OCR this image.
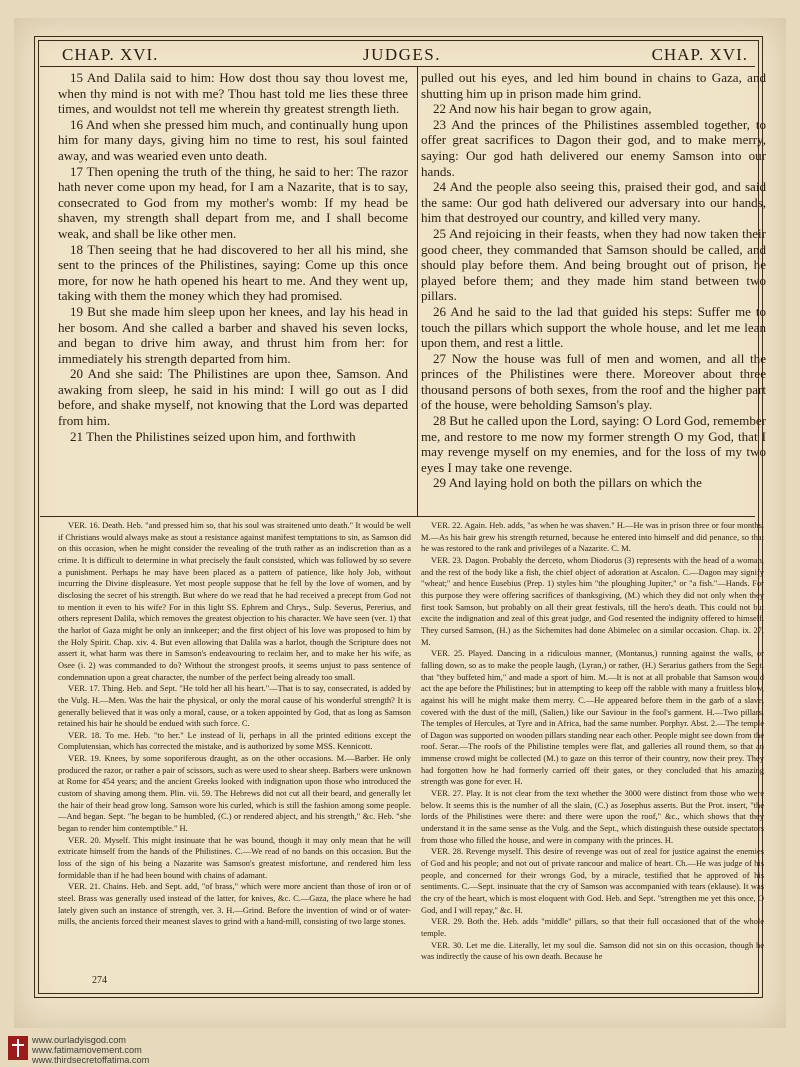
JUDGES.
CHAP. XVI.	CHAP. XVI.

15 And Dalila said to him: How dost thou say thou lovest me, when thy mind is not with me? Thou hast told me lies these three times, and wouldst not tell me wherein thy greatest strength lieth.

16 And when she pressed him much, and continually hung upon him for many days, giving him no time to rest, his soul fainted away, and was wearied even unto death.

17 Then opening the truth of the thing, he said to her: The razor hath never come upon my head, for I am a Nazarite, that is to say, consecrated to God from my mother's womb: If my head be shaven, my strength shall depart from me, and I shall become weak, and shall be like other men.

18 Then seeing that he had discovered to her all his mind, she sent to the princes of the Philistines, saying: Come up this once more, for now he hath opened his heart to me. And they went up, taking with them the money which they had promised.

19 But she made him sleep upon her knees, and lay his head in her bosom. And she called a barber and shaved his seven locks, and began to drive him away, and thrust him from her: for immediately his strength departed from him.

20 And she said: The Philistines are upon thee, Samson. And awaking from sleep, he said in his mind: I will go out as I did before, and shake myself, not knowing that the Lord was departed from him.

21 Then the Philistines seized upon him, and forthwith

pulled out his eyes, and led him bound in chains to Gaza, and shutting him up in prison made him grind.

22 And now his hair began to grow again,

23 And the princes of the Philistines assembled together, to offer great sacrifices to Dagon their god, and to make merry, saying: Our god hath delivered our enemy Samson into our hands.

24 And the people also seeing this, praised their god, and said the same: Our god hath delivered our adversary into our hands, him that destroyed our country, and killed very many.

25 And rejoicing in their feasts, when they had now taken their good cheer, they commanded that Samson should be called, and should play before them. And being brought out of prison, he played before them; and they made him stand between two pillars.

26 And he said to the lad that guided his steps: Suffer me to touch the pillars which support the whole house, and let me lean upon them, and rest a little.

27 Now the house was full of men and women, and all the princes of the Philistines were there. Moreover about three thousand persons of both sexes, from the roof and the higher part of the house, were beholding Samson's play.

28 But he called upon the Lord, saying: O Lord God, remember me, and restore to me now my former strength O my God, that I may revenge myself on my enemies, and for the loss of my two eyes I may take one revenge.

29 And laying hold on both the pillars on which the

VER. 16. Death. Heb. "and pressed him so, that his soul was straitened unto death." It would be well if Christians would always make as stout a resistance against manifest temptations to sin, as Samson did on this occasion, when he might consider the revealing of the truth rather as an indiscretion than as a crime. It is difficult to determine in what precisely the fault consisted, which was followed by so severe a punishment. Perhaps he may have been placed as a pattern of patience, like holy Job, without incurring the Divine displeasure. Yet most people suppose that he fell by the love of women, and by disclosing the secret of his strength. But where do we read that he had received a precept from God not to mention it even to his wife? For in this light SS. Ephrem and Chrys., Sulp. Severus, Pererius, and others represent Dalila, which removes the greatest objection to his character. We have seen (ver. 1) that the harlot of Gaza might be only an innkeeper; and the first object of his love was proposed to him by the Holy Spirit. Chap. xiv. 4. But even allowing that Dalila was a harlot, though the Scripture does not assert it, what harm was there in Samson's endeavouring to reclaim her, and to make her his wife, as Osee (i. 2) was commanded to do? Without the strongest proofs, it seems unjust to pass sentence of condemnation upon a great character, the number of the perfect being already too small.

VER. 17. Thing. Heb. and Sept. "He told her all his heart."—That is to say, consecrated, is added by the Vulg. H.—Men. Was the hair the physical, or only the moral cause of his wonderful strength? It is generally believed that it was only a moral, cause, or a token appointed by God, that as long as Samson retained his hair he should be endued with such force. C.

VER. 18. To me. Heb. "to her." Le instead of li, perhaps in all the printed editions except the Complutensian, which has corrected the mistake, and is authorized by some MSS. Kennicott.

VER. 19. Knees, by some soporiferous draught, as on the other occasions. M.—Barber. He only produced the razor, or rather a pair of scissors, such as were used to shear sheep. Barbers were unknown at Rome for 454 years; and the ancient Greeks looked with indignation upon those who introduced the custom of shaving among them. Plin. vii. 59. The Hebrews did not cut all their beard, and generally let the hair of their head grow long. Samson wore his curled, which is still the fashion among some people.—And began. Sept. "he began to be humbled, (C.) or rendered abject, and his strength," &c. Heb. "she began to render him contemptible." H.

VER. 20. Myself. This might insinuate that he was bound, though it may only mean that he will extricate himself from the hands of the Philistines. C.—We read of no bands on this occasion. But the loss of the sign of his being a Nazarite was Samson's greatest misfortune, and rendered him less formidable than if he had been bound with chains of adamant.

VER. 21. Chains. Heb. and Sept. add, "of brass," which were more ancient than those of iron or of steel. Brass was generally used instead of the latter, for knives, &c. C.—Gaza, the place where he had lately given such an instance of strength, ver. 3. H.—Grind. Before the invention of wind or of water-mills, the ancients forced their meanest slaves to grind with a hand-mill, consisting of two large stones.

VER. 22. Again. Heb. adds, "as when he was shaven." H.—He was in prison three or four months. M.—As his hair grew his strength returned, because he entered into himself and did penance, so that he was restored to the rank and privileges of a Nazarite. C. M.

VER. 23. Dagon. Probably the derceto, whom Diodorus (3) represents with the head of a woman, and the rest of the body like a fish, the chief object of adoration at Ascalon. C.—Dagon may signify "wheat;" and hence Eusebius (Prep. 1) styles him "the ploughing Jupiter," or "a fish."—Hands. For this purpose they were offering sacrifices of thanksgiving, (M.) which they did not only when they first took Samson, but probably on all their great festivals, till the hero's death. This could not but excite the indignation and zeal of this great judge, and God resented the indignity offered to himself. They cursed Samson, (H.) as the Sichemites had done Abimelec on a similar occasion. Chap. ix. 27. M.

VER. 25. Played. Dancing in a ridiculous manner, (Montanus,) running against the walls, or falling down, so as to make the people laugh, (Lyran,) or rather, (H.) Serarius gathers from the Sept. that "they buffeted him," and made a sport of him. M.—It is not at all probable that Samson would act the ape before the Philistines; but in attempting to keep off the rabble with many a fruitless blow, against his will he might make them merry. C.—He appeared before them in the garb of a slave, covered with the dust of the mill, (Salien,) like our Saviour in the fool's garment. H.—Two pillars. The temples of Hercules, at Tyre and in Africa, had the same number. Porphyr. Abst. 2.—The temple of Dagon was supported on wooden pillars standing near each other. People might see down from the roof. Serar.—The roofs of the Philistine temples were flat, and galleries all round them, so that an immense crowd might be collected (M.) to gaze on this terror of their country, now their prey. They had forgotten how he had formerly carried off their gates, or they concluded that his amazing strength was gone for ever. H.

VER. 27. Play. It is not clear from the text whether the 3000 were distinct from those who were below. It seems this is the number of all the slain, (C.) as Josephus asserts. But the Prot. insert, "the lords of the Philistines were there: and there were upon the roof," &c., which shows that they understand it in the same sense as the Vulg. and the Sept., which distinguish these outside spectators from those who filled the house, and were in company with the princes. H.

VER. 28. Revenge myself. This desire of revenge was out of zeal for justice against the enemies of God and his people; and not out of private rancour and malice of heart. Ch.—He was judge of his people, and concerned for their wrongs God, by a miracle, testified that he approved of his sentiments. C.—Sept. insinuate that the cry of Samson was accompanied with tears (eklause). It was the cry of the heart, which is most eloquent with God. Heb. and Sept. "strengthen me yet this once, O God, and I will repay," &c. H.

VER. 29. Both the. Heb. adds "middle" pillars, so that their full occasioned that of the whole temple.

VER. 30. Let me die. Literally, let my soul die. Samson did not sin on this occasion, though he was indirectly the cause of his own death. Because he

274
www.ourladyisgod.com
www.fatimamovement.com
www.thirdsecretoffatima.com
